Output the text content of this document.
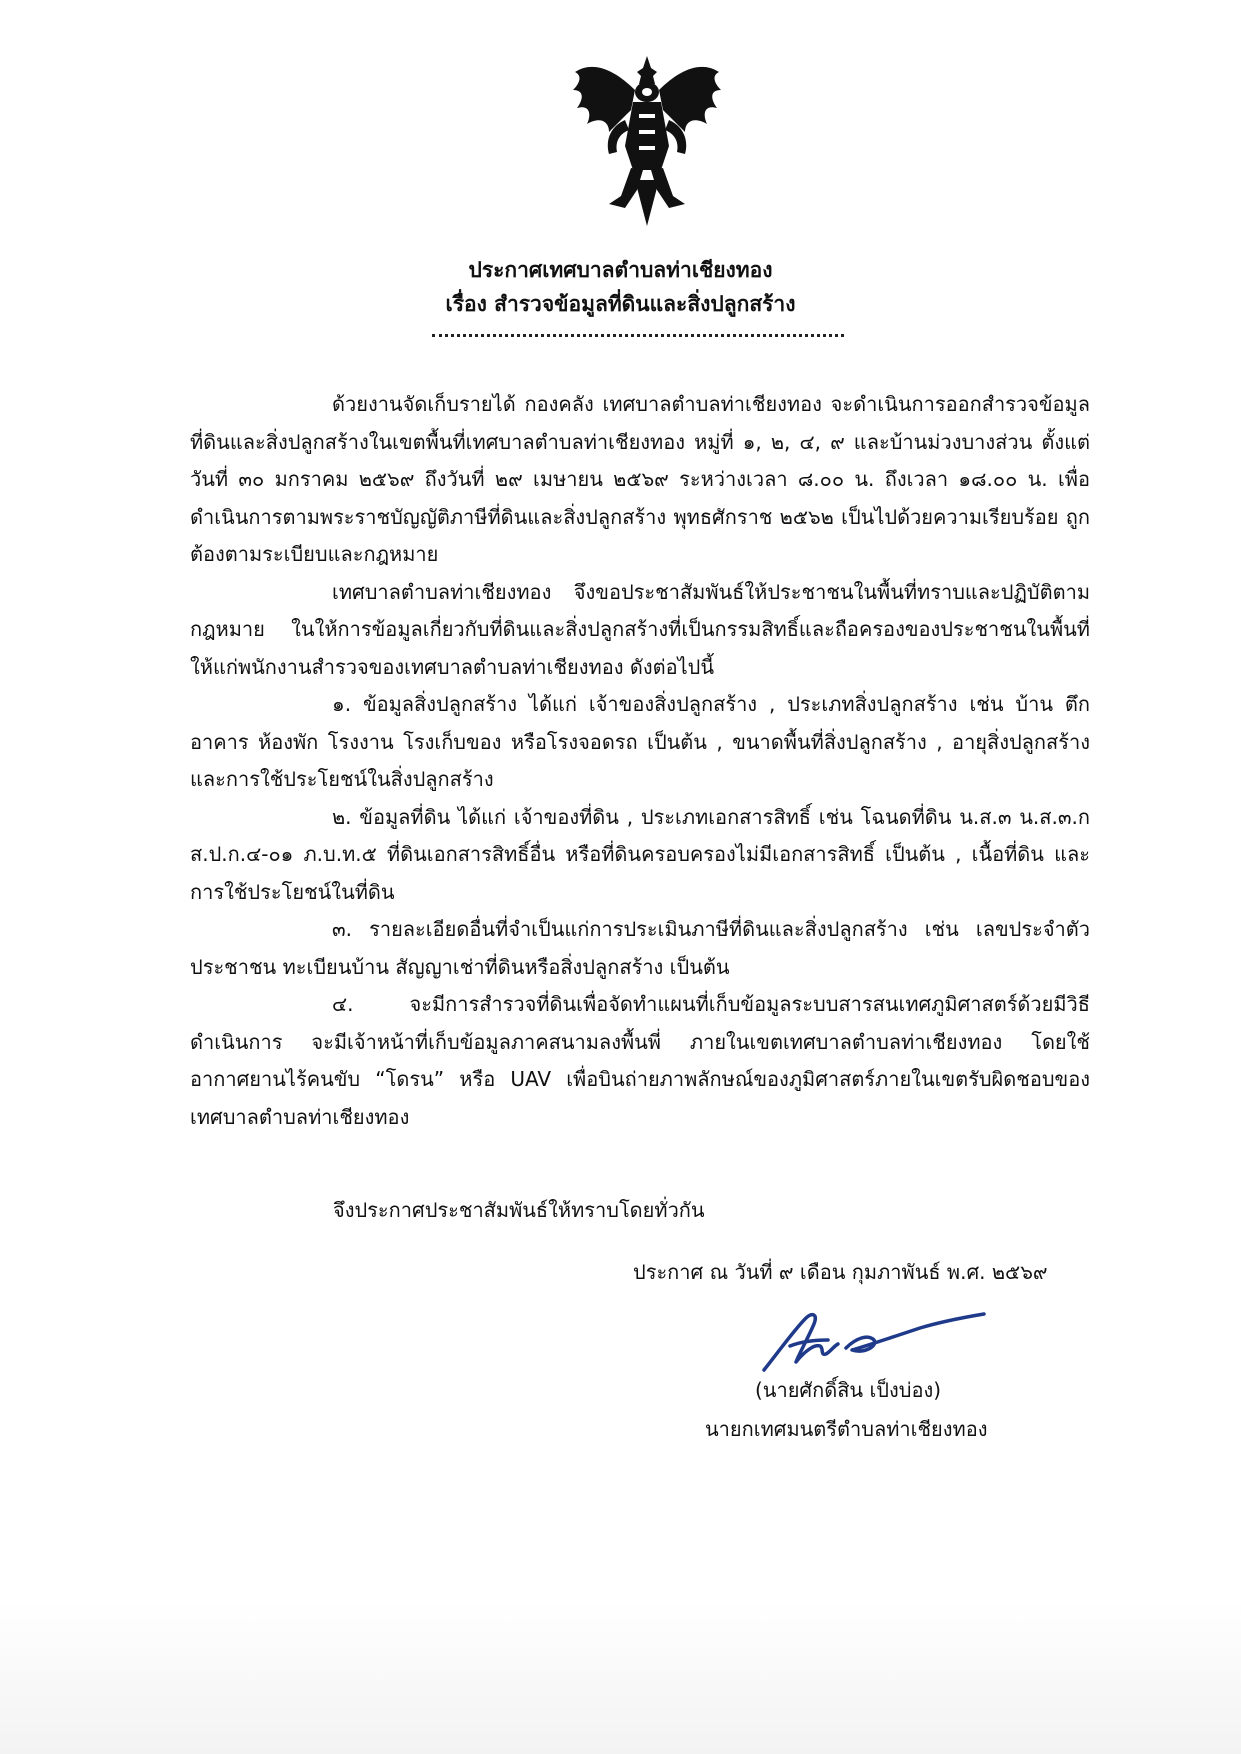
ประกาศเทศบาลตำบลท่าเชียงทอง
เรื่อง สำรวจข้อมูลที่ดินและสิ่งปลูกสร้าง

ด้วยงานจัดเก็บรายได้ กองคลัง เทศบาลตำบลท่าเชียงทอง จะดำเนินการออกสำรวจข้อมูลที่ดินและสิ่งปลูกสร้างในเขตพื้นที่เทศบาลตำบลท่าเชียงทอง หมู่ที่ ๑, ๒, ๔, ๙ และบ้านม่วงบางส่วน ตั้งแต่วันที่ ๓๐ มกราคม ๒๕๖๙ ถึงวันที่ ๒๙ เมษายน ๒๕๖๙ ระหว่างเวลา ๘.๐๐ น. ถึงเวลา ๑๘.๐๐ น. เพื่อดำเนินการตามพระราชบัญญัติภาษีที่ดินและสิ่งปลูกสร้าง พุทธศักราช ๒๕๖๒ เป็นไปด้วยความเรียบร้อย ถูกต้องตามระเบียบและกฎหมาย

เทศบาลตำบลท่าเชียงทอง จึงขอประชาสัมพันธ์ให้ประชาชนในพื้นที่ทราบและปฏิบัติตามกฎหมาย ในให้การข้อมูลเกี่ยวกับที่ดินและสิ่งปลูกสร้างที่เป็นกรรมสิทธิ์และถือครองของประชาชนในพื้นที่ให้แก่พนักงานสำรวจของเทศบาลตำบลท่าเชียงทอง ดังต่อไปนี้

๑. ข้อมูลสิ่งปลูกสร้าง ได้แก่ เจ้าของสิ่งปลูกสร้าง , ประเภทสิ่งปลูกสร้าง เช่น บ้าน ตึก อาคาร ห้องพัก โรงงาน โรงเก็บของ หรือโรงจอดรถ เป็นต้น , ขนาดพื้นที่สิ่งปลูกสร้าง , อายุสิ่งปลูกสร้างและการใช้ประโยชน์ในสิ่งปลูกสร้าง

๒. ข้อมูลที่ดิน ได้แก่ เจ้าของที่ดิน , ประเภทเอกสารสิทธิ์ เช่น โฉนดที่ดิน น.ส.๓ น.ส.๓.ก ส.ป.ก.๔-๐๑ ภ.บ.ท.๕ ที่ดินเอกสารสิทธิ์อื่น หรือที่ดินครอบครองไม่มีเอกสารสิทธิ์ เป็นต้น , เนื้อที่ดิน และการใช้ประโยชน์ในที่ดิน

๓. รายละเอียดอื่นที่จำเป็นแก่การประเมินภาษีที่ดินและสิ่งปลูกสร้าง เช่น เลขประจำตัวประชาชน ทะเบียนบ้าน สัญญาเช่าที่ดินหรือสิ่งปลูกสร้าง เป็นต้น

๔. จะมีการสำรวจที่ดินเพื่อจัดทำแผนที่เก็บข้อมูลระบบสารสนเทศภูมิศาสตร์ด้วยมีวิธีดำเนินการ จะมีเจ้าหน้าที่เก็บข้อมูลภาคสนามลงพื้นพี่ ภายในเขตเทศบาลตำบลท่าเชียงทอง โดยใช้อากาศยานไร้คนขับ “โดรน” หรือ UAV เพื่อบินถ่ายภาพลักษณ์ของภูมิศาสตร์ภายในเขตรับผิดชอบของเทศบาลตำบลท่าเชียงทอง

จึงประกาศประชาสัมพันธ์ให้ทราบโดยทั่วกัน
ประกาศ ณ วันที่ ๙ เดือน กุมภาพันธ์ พ.ศ. ๒๕๖๙
(นายศักดิ์สิน เป็งบ่อง)
นายกเทศมนตรีตำบลท่าเชียงทอง
